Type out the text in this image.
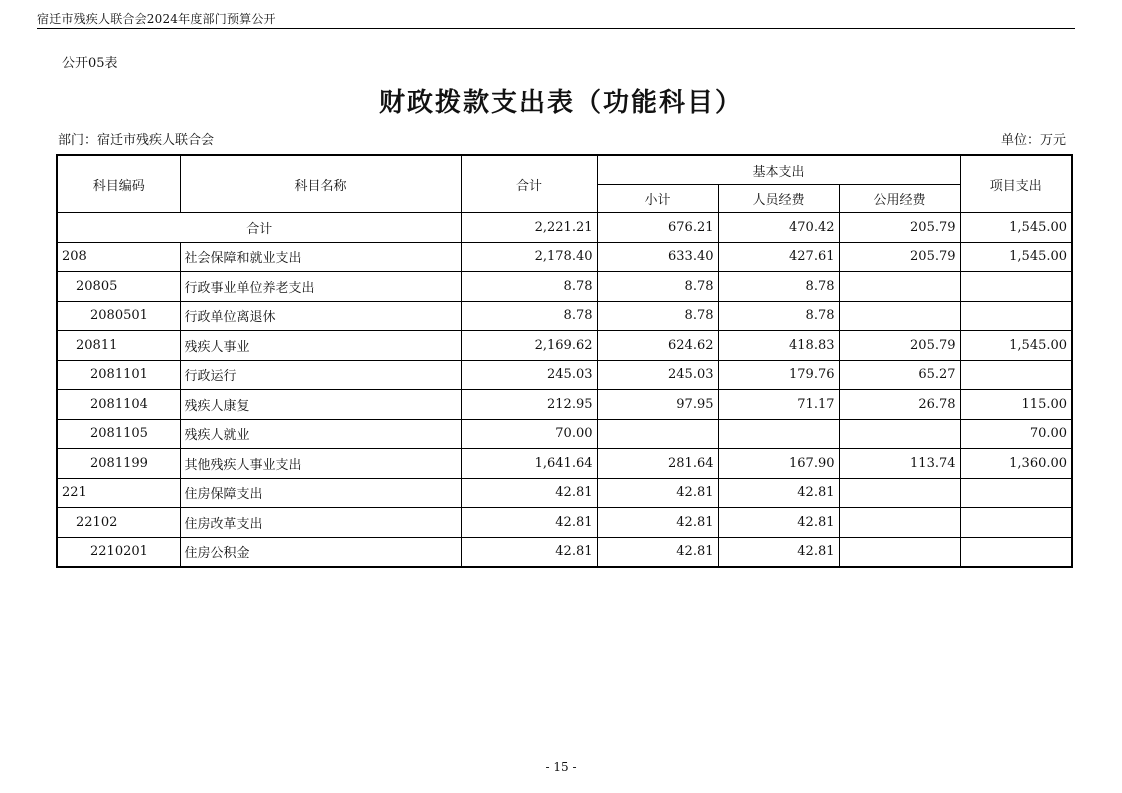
宿迁市残疾人联合会2024年度部门预算公开
公开05表
财政拨款支出表（功能科目）
部门：宿迁市残疾人联合会	单位：万元
科目编码	科目名称	合计	基本支出			项目支出
			小计	人员经费	公用经费	
合计		2,221.21	676.21	470.42	205.79	1,545.00
208	社会保障和就业支出	2,178.40	633.40	427.61	205.79	1,545.00
20805	行政事业单位养老支出	8.78	8.78	8.78		
2080501	行政单位离退休	8.78	8.78	8.78		
20811	残疾人事业	2,169.62	624.62	418.83	205.79	1,545.00
2081101	行政运行	245.03	245.03	179.76	65.27	
2081104	残疾人康复	212.95	97.95	71.17	26.78	115.00
2081105	残疾人就业	70.00				70.00
2081199	其他残疾人事业支出	1,641.64	281.64	167.90	113.74	1,360.00
221	住房保障支出	42.81	42.81	42.81		
22102	住房改革支出	42.81	42.81	42.81		
2210201	住房公积金	42.81	42.81	42.81		
- 15 -
